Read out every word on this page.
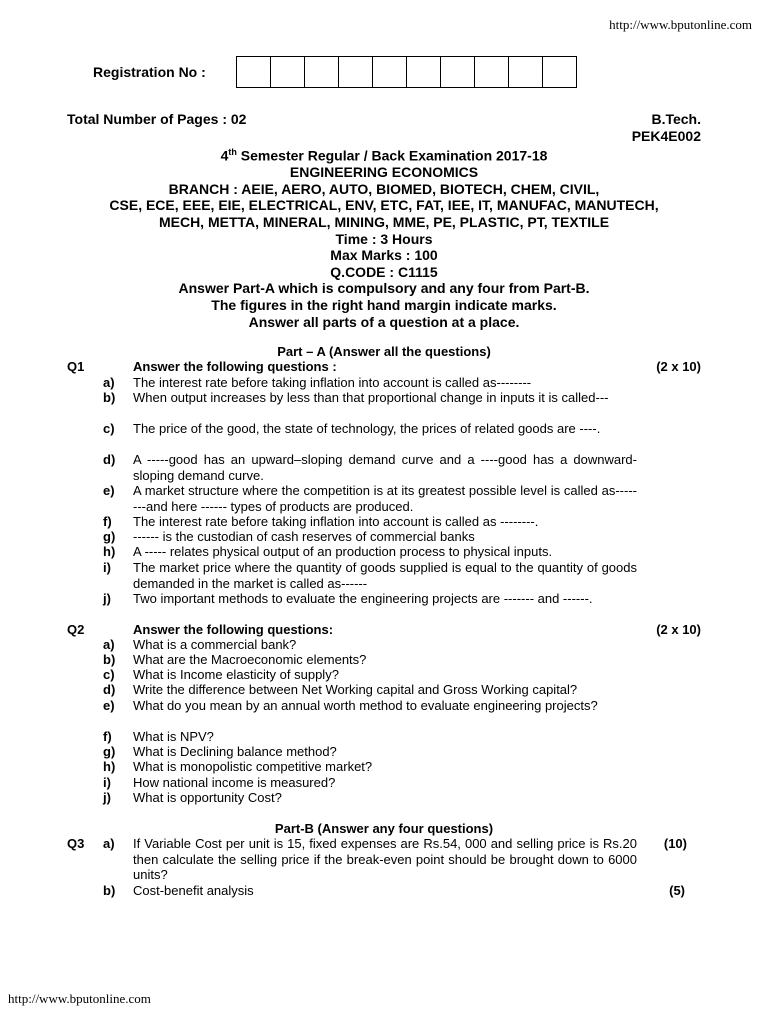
http://www.bputonline.com
Registration No :
Total Number of Pages : 02	B.Tech.
PEK4E002
4th Semester Regular / Back Examination 2017-18
ENGINEERING ECONOMICS
BRANCH : AEIE, AERO, AUTO, BIOMED, BIOTECH, CHEM, CIVIL,
CSE, ECE, EEE, EIE, ELECTRICAL, ENV, ETC, FAT, IEE, IT, MANUFAC, MANUTECH,
MECH, METTA, MINERAL, MINING, MME, PE, PLASTIC, PT, TEXTILE
Time : 3 Hours
Max Marks : 100
Q.CODE : C1115
Answer Part-A which is compulsory and any four from Part-B.
The figures in the right hand margin indicate marks.
Answer all parts of a question at a place.
Part – A (Answer all the questions)
Q1	Answer the following questions :	(2 x 10)
a)	The interest rate before taking inflation into account is called as--------
b) When output increases by less than that proportional change in inputs it is called---
c)	The price of the good, the state of technology, the prices of related goods are ----.
d) A -----good has an upward–sloping demand curve and a ----good has a downward-sloping demand curve.
e)	A market structure where the competition is at its greatest possible level is called as--------and here ------ types of products are produced.
f)	The interest rate before taking inflation into account is called as --------.
g) ------ is the custodian of cash reserves of commercial banks
h) A ----- relates physical output of an production process to physical inputs.
i)	The market price where the quantity of goods supplied is equal to the quantity of goods demanded in the market is called as------
j)	Two important methods to evaluate the engineering projects are ------- and ------.
Q2	Answer the following questions:	(2 x 10)
a)	What is a commercial bank?
b) What are the Macroeconomic elements?
c)	What is Income elasticity of supply?
d) Write the difference between Net Working capital and Gross Working capital?
e)	What do you mean by an annual worth method to evaluate engineering projects?
f)	What is NPV?
g) What is Declining balance method?
h) What is monopolistic competitive market?
i)	How national income is measured?
j)	What is opportunity Cost?
Part-B (Answer any four questions)
Q3 a)	If Variable Cost per unit is 15, fixed expenses are Rs.54, 000 and selling price is Rs.20 then calculate the selling price if the break-even point should be brought down to 6000 units?
(10)
b) Cost-benefit analysis	(5)
http://www.bputonline.com
